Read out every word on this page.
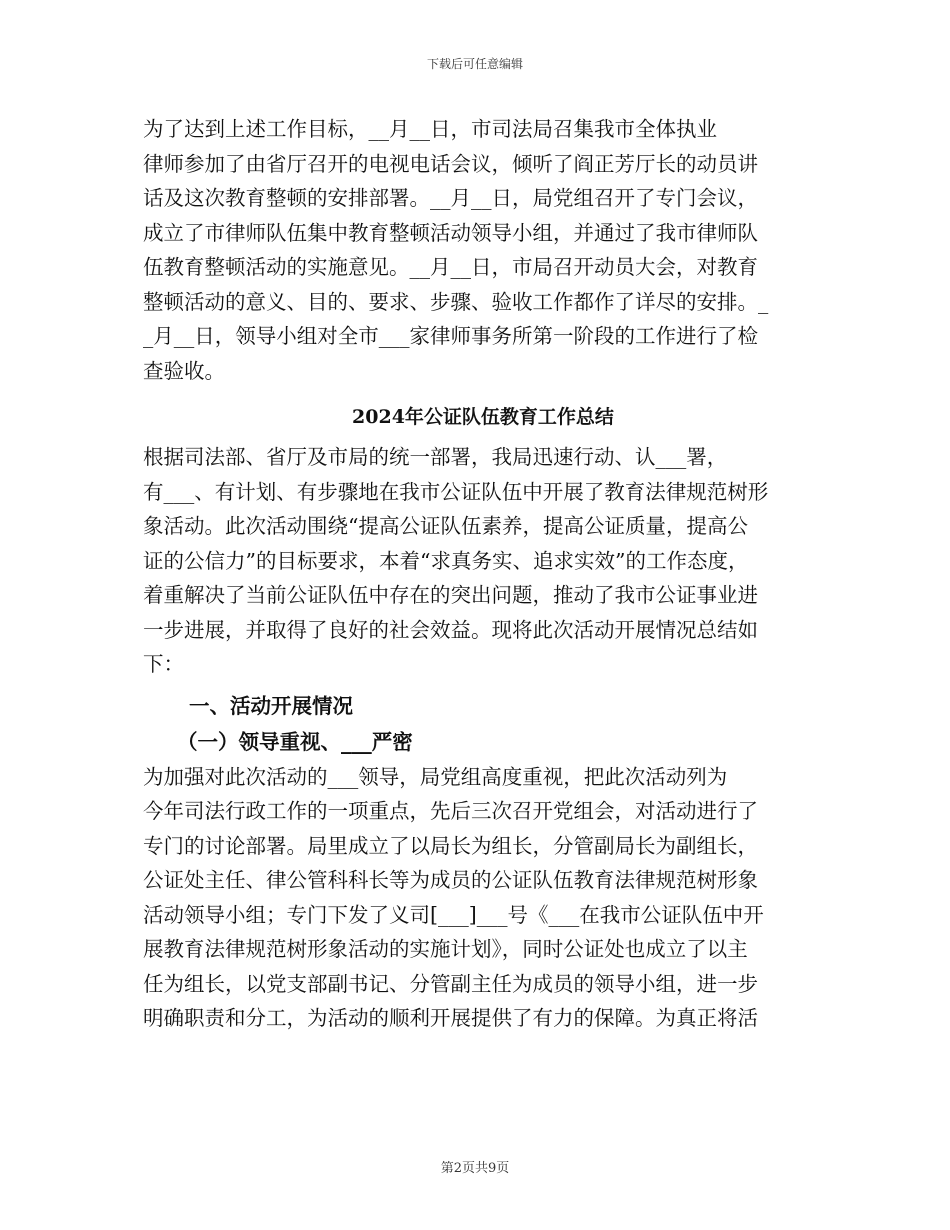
下载后可任意编辑

为了达到上述工作目标，__月__日，市司法局召集我市全体执业

律师参加了由省厅召开的电视电话会议，倾听了阎正芳厅长的动员讲

话及这次教育整顿的安排部署。__月__日，局党组召开了专门会议，

成立了市律师队伍集中教育整顿活动领导小组，并通过了我市律师队

伍教育整顿活动的实施意见。__月__日，市局召开动员大会，对教育

整顿活动的意义、目的、要求、步骤、验收工作都作了详尽的安排。_

_月__日，领导小组对全市___家律师事务所第一阶段的工作进行了检

查验收。

2024年公证队伍教育工作总结

根据司法部、省厅及市局的统一部署，我局迅速行动、认___署，

有___、有计划、有步骤地在我市公证队伍中开展了教育法律规范树形

象活动。此次活动围绕“提高公证队伍素养，提高公证质量，提高公

证的公信力”的目标要求，本着“求真务实、追求实效”的工作态度，

着重解决了当前公证队伍中存在的突出问题，推动了我市公证事业进

一步进展，并取得了良好的社会效益。现将此次活动开展情况总结如

下：

一、活动开展情况
（一）领导重视、___严密

为加强对此次活动的___领导，局党组高度重视，把此次活动列为

今年司法行政工作的一项重点，先后三次召开党组会，对活动进行了

专门的讨论部署。局里成立了以局长为组长，分管副局长为副组长，

公证处主任、律公管科科长等为成员的公证队伍教育法律规范树形象

活动领导小组；专门下发了义司[___]___号《___在我市公证队伍中开

展教育法律规范树形象活动的实施计划》，同时公证处也成立了以主

任为组长，以党支部副书记、分管副主任为成员的领导小组，进一步

明确职责和分工，为活动的顺利开展提供了有力的保障。为真正将活

第2页共9页
